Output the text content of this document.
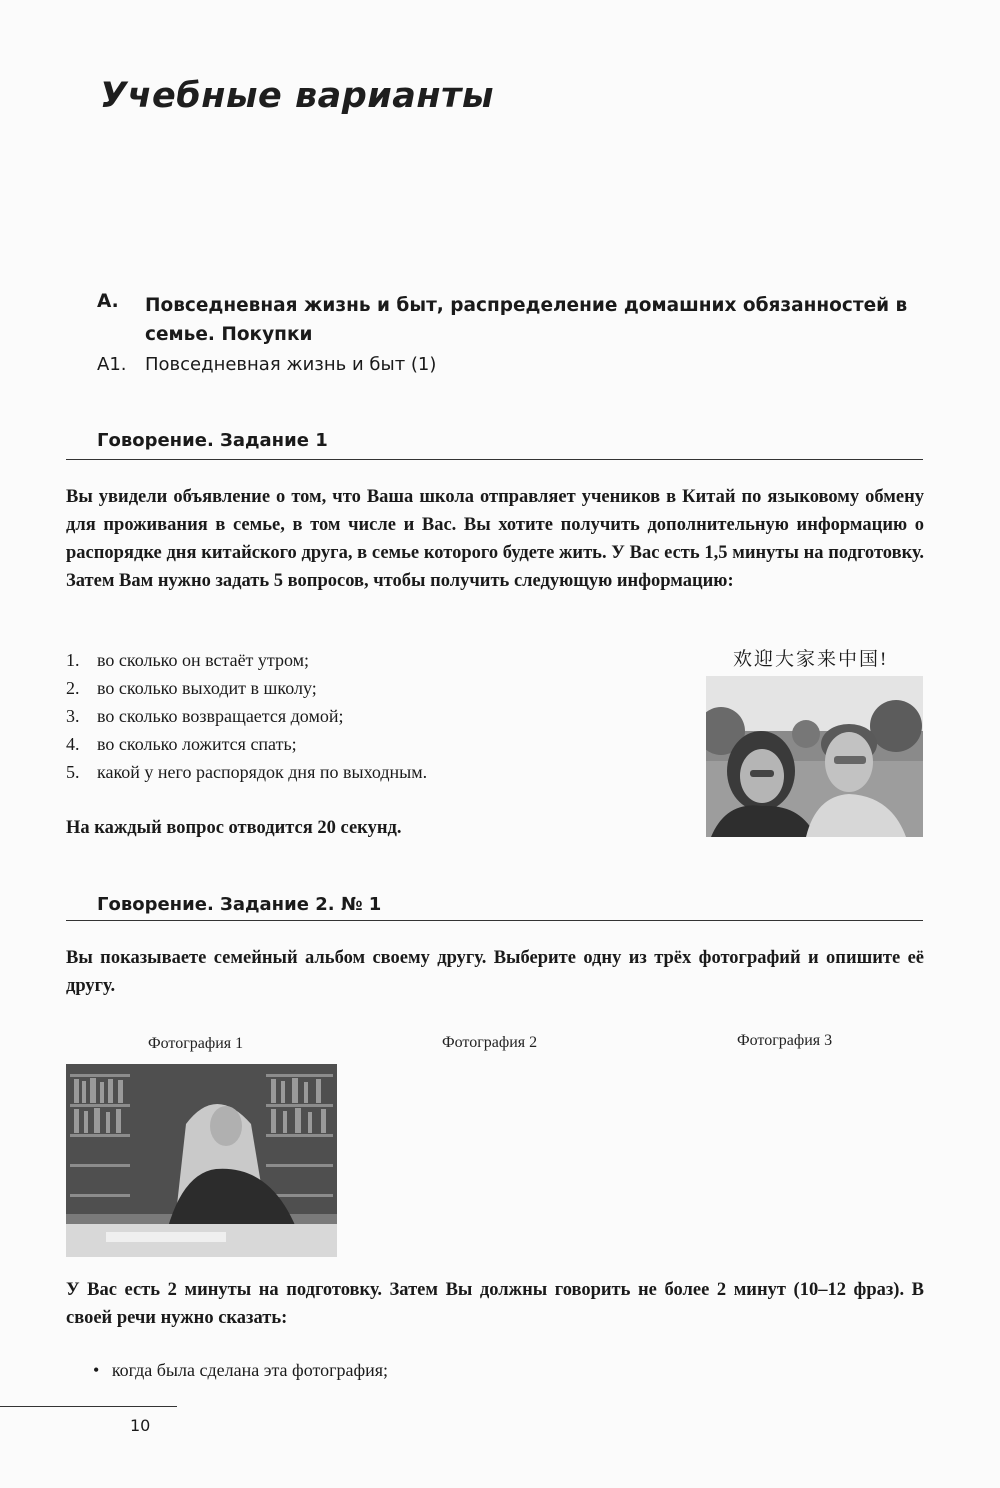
Учебные варианты
A. Повседневная жизнь и быт, распределение домашних обязанностей в семье. Покупки
A1. Повседневная жизнь и быт (1)
Говорение. Задание 1
Вы увидели объявление о том, что Ваша школа отправляет учеников в Китай по языковому обмену для проживания в семье, в том числе и Вас. Вы хотите получить дополнительную информацию о распорядке дня китайского друга, в семье которого будете жить. У Вас есть 1,5 минуты на подготовку. Затем Вам нужно задать 5 вопросов, чтобы получить следующую информацию:
1. во сколько он встаёт утром;
2. во сколько выходит в школу;
3. во сколько возвращается домой;
4. во сколько ложится спать;
5. какой у него распорядок дня по выходным.
На каждый вопрос отводится 20 секунд.
欢迎大家来中国!
Говорение. Задание 2. № 1
Вы показываете семейный альбом своему другу. Выберите одну из трёх фотографий и опишите её другу.
Фотография 1	Фотография 2	Фотография 3
У Вас есть 2 минуты на подготовку. Затем Вы должны говорить не более 2 минут (10–12 фраз). В своей речи нужно сказать:
• когда была сделана эта фотография;
10
